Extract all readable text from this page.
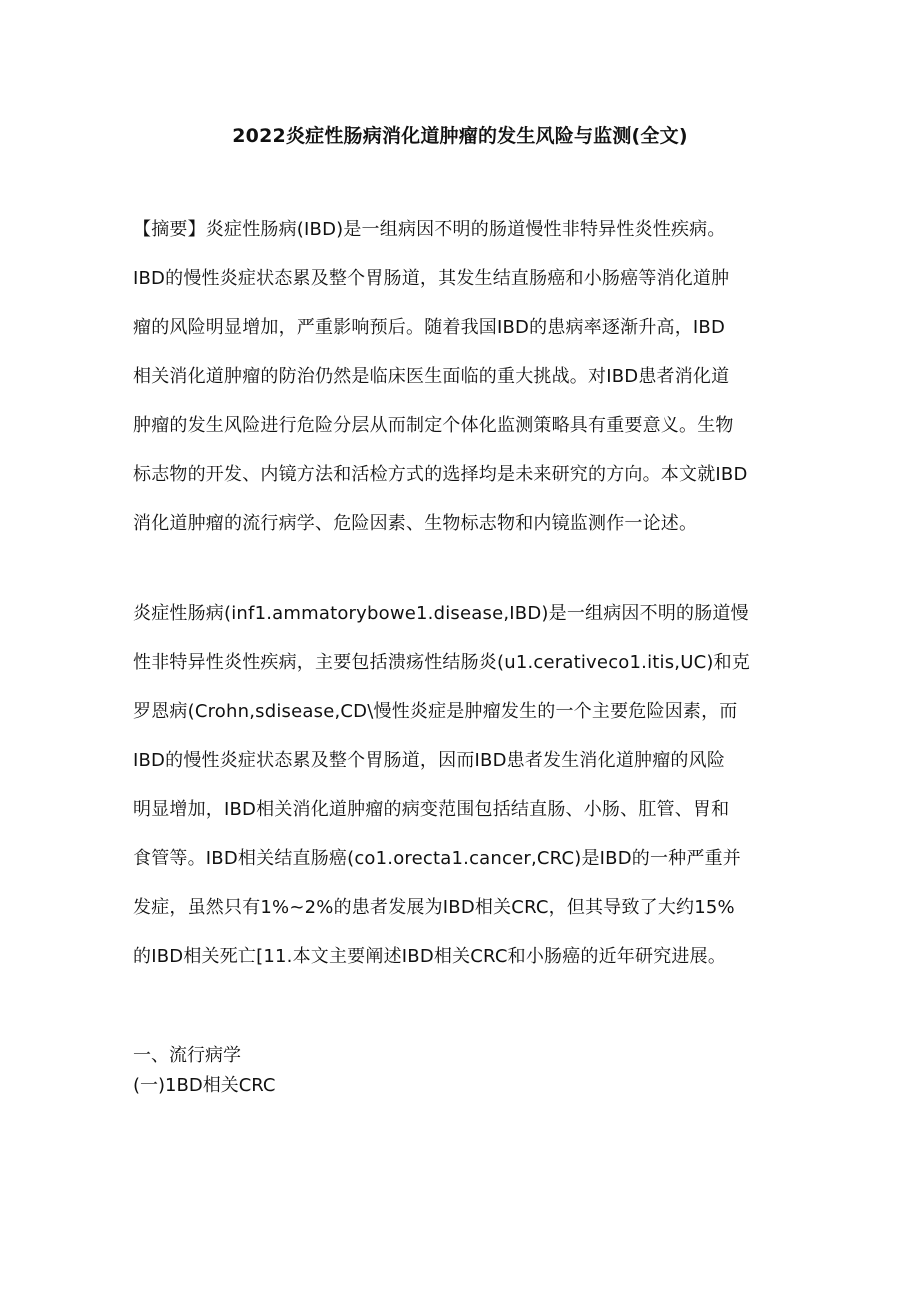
2022炎症性肠病消化道肿瘤的发生风险与监测(全文)
【摘要】炎症性肠病(IBD)是一组病因不明的肠道慢性非特异性炎性疾病。
IBD的慢性炎症状态累及整个胃肠道，其发生结直肠癌和小肠癌等消化道肿
瘤的风险明显增加，严重影响预后。随着我国IBD的患病率逐渐升高，IBD
相关消化道肿瘤的防治仍然是临床医生面临的重大挑战。对IBD患者消化道
肿瘤的发生风险进行危险分层从而制定个体化监测策略具有重要意义。生物
标志物的开发、内镜方法和活检方式的选择均是未来研究的方向。本文就IBD
消化道肿瘤的流行病学、危险因素、生物标志物和内镜监测作一论述。
炎症性肠病(inf1.ammatorybowe1.disease,IBD)是一组病因不明的肠道慢
性非特异性炎性疾病，主要包括溃疡性结肠炎(u1.cerativeco1.itis,UC)和克
罗恩病(Crohn,sdisease,CD\慢性炎症是肿瘤发生的一个主要危险因素，而
IBD的慢性炎症状态累及整个胃肠道，因而IBD患者发生消化道肿瘤的风险
明显增加，IBD相关消化道肿瘤的病变范围包括结直肠、小肠、肛管、胃和
食管等。IBD相关结直肠癌(co1.orecta1.cancer,CRC)是IBD的一种严重并
发症，虽然只有1%~2%的患者发展为IBD相关CRC，但其导致了大约15%
的IBD相关死亡[11.本文主要阐述IBD相关CRC和小肠癌的近年研究进展。
一、流行病学
(一)1BD相关CRC
